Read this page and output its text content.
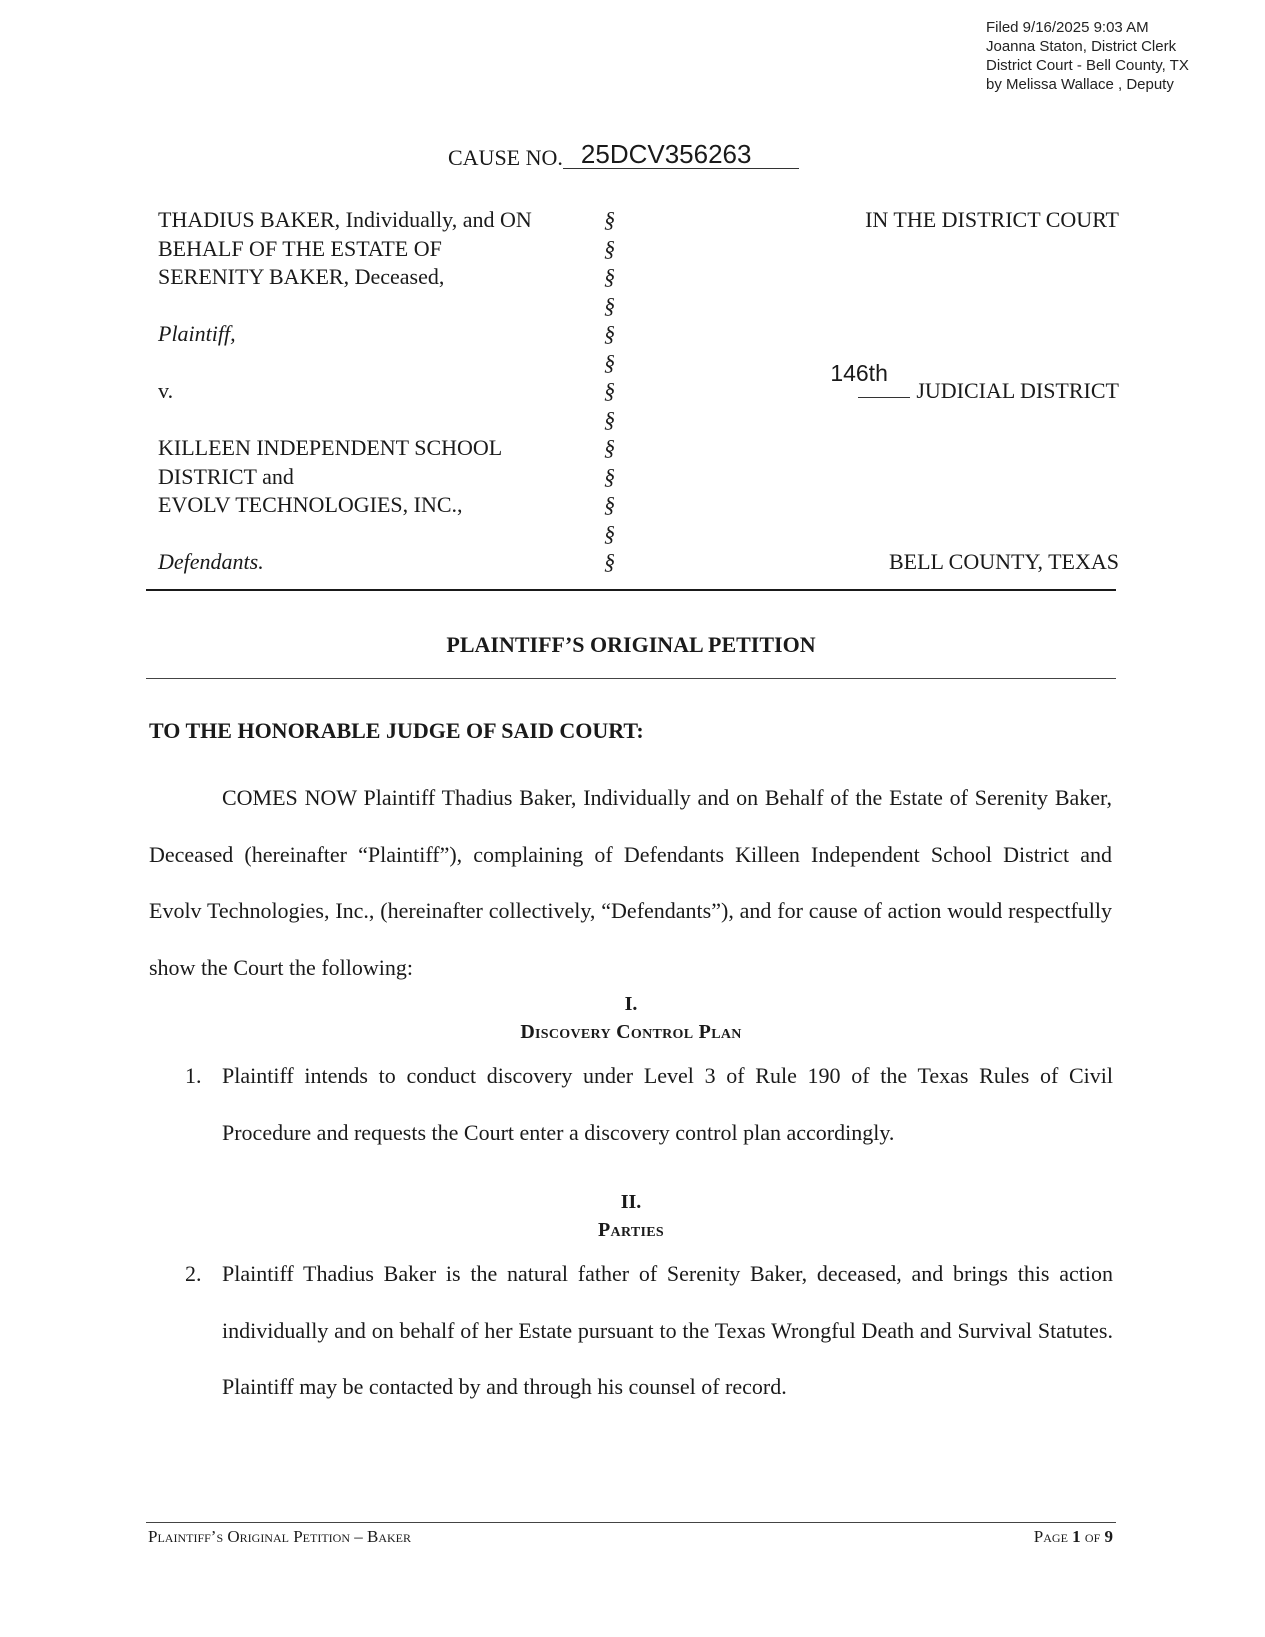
Filed 9/16/2025 9:03 AM
Joanna Staton, District Clerk
District Court - Bell County, TX
by Melissa Wallace , Deputy
CAUSE NO. 25DCV356263
THADIUS BAKER, Individually, and ON
BEHALF OF THE ESTATE OF
SERENITY BAKER, Deceased,
Plaintiff,
v.
KILLEEN INDEPENDENT SCHOOL
DISTRICT and
EVOLV TECHNOLOGIES, INC.,
Defendants.
§
§
§
§
§
§
§
§
§
§
§
§
§
IN THE DISTRICT COURT
146th
JUDICIAL DISTRICT
BELL COUNTY, TEXAS
PLAINTIFF’S ORIGINAL PETITION
TO THE HONORABLE JUDGE OF SAID COURT:
COMES NOW Plaintiff Thadius Baker, Individually and on Behalf of the Estate of Serenity Baker, Deceased (hereinafter “Plaintiff”), complaining of Defendants Killeen Independent School District and Evolv Technologies, Inc., (hereinafter collectively, “Defendants”), and for cause of action would respectfully show the Court the following:
I.
Discovery Control Plan
1. Plaintiff intends to conduct discovery under Level 3 of Rule 190 of the Texas Rules of Civil Procedure and requests the Court enter a discovery control plan accordingly.
II.
Parties
2. Plaintiff Thadius Baker is the natural father of Serenity Baker, deceased, and brings this action individually and on behalf of her Estate pursuant to the Texas Wrongful Death and Survival Statutes. Plaintiff may be contacted by and through his counsel of record.
Plaintiff’s Original Petition – Baker	Page 1 of 9
